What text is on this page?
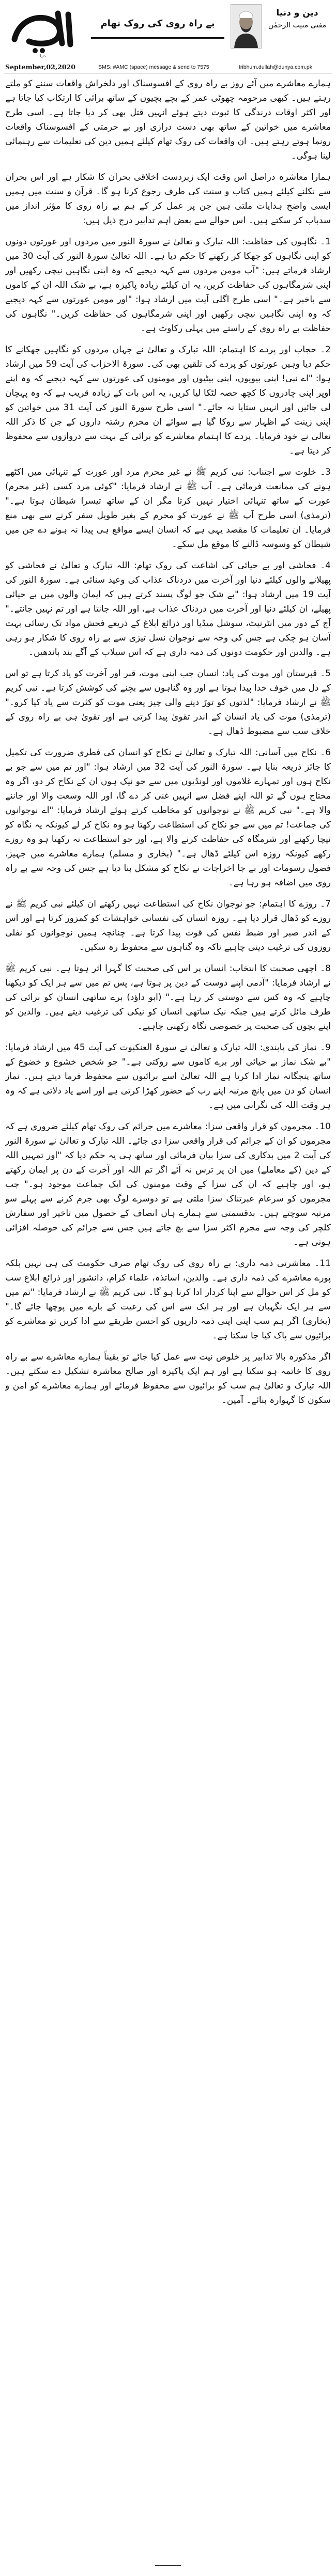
دنیا
بے راہ روی کی روک تھام
دین و دنیا
مفتی منیب الرحمٰن
September,02,2020	SMS: #AMC (space) message & send to 7575	tribhum.dullah@dunya.com.pk

ہمارے معاشرے میں آئے روز بے راہ روی کے افسوسناک اور دلخراش واقعات سننے کو ملتے رہتے ہیں۔ کبھی مرحومہ چھوٹی عمر کے بچے بچیوں کے ساتھ برائی کا ارتکاب کیا جاتا ہے اور اکثر اوقات درندگی کا ثبوت دیتے ہوئے انہیں قتل بھی کر دیا جاتا ہے۔ اسی طرح معاشرے میں خواتین کے ساتھ بھی دست درازی اور بے حرمتی کے افسوسناک واقعات رونما ہوتے رہتے ہیں۔ ان واقعات کی روک تھام کیلئے ہمیں دین کی تعلیمات سے رہنمائی لینا ہوگی۔

ہمارا معاشرہ دراصل اس وقت ایک زبردست اخلاقی بحران کا شکار ہے اور اس بحران سے نکلنے کیلئے ہمیں کتاب و سنت کی طرف رجوع کرنا ہو گا۔ قرآن و سنت میں ہمیں ایسی واضح ہدایات ملتی ہیں جن پر عمل کر کے ہم بے راہ روی کا مؤثر انداز میں سدباب کر سکتے ہیں۔ اس حوالے سے بعض اہم تدابیر درج ذیل ہیں:

1۔ نگاہوں کی حفاظت: اللہ تبارک و تعالیٰ نے سورۃ النور میں مردوں اور عورتوں دونوں کو اپنی نگاہوں کو جھکا کر رکھنے کا حکم دیا ہے۔ اللہ تعالیٰ سورۃ النور کی آیت 30 میں ارشاد فرماتے ہیں: "آپ مومن مردوں سے کہہ دیجیے کہ وہ اپنی نگاہیں نیچی رکھیں اور اپنی شرمگاہوں کی حفاظت کریں، یہ ان کیلئے زیادہ پاکیزہ ہے، بے شک اللہ ان کے کاموں سے باخبر ہے۔" اسی طرح اگلی آیت میں ارشاد ہوا: "اور مومن عورتوں سے کہہ دیجیے کہ وہ اپنی نگاہیں نیچی رکھیں اور اپنی شرمگاہوں کی حفاظت کریں۔" نگاہوں کی حفاظت بے راہ روی کے راستے میں پہلی رکاوٹ ہے۔

2۔ حجاب اور پردے کا اہتمام: اللہ تبارک و تعالیٰ نے جہاں مردوں کو نگاہیں جھکانے کا حکم دیا وہیں عورتوں کو پردے کی تلقین بھی کی۔ سورۃ الاحزاب کی آیت 59 میں ارشاد ہوا: "اے نبی! اپنی بیویوں، اپنی بیٹیوں اور مومنوں کی عورتوں سے کہہ دیجیے کہ وہ اپنے اوپر اپنی چادروں کا کچھ حصہ لٹکا لیا کریں، یہ اس بات کے زیادہ قریب ہے کہ وہ پہچان لی جائیں اور انہیں ستایا نہ جائے۔" اسی طرح سورۃ النور کی آیت 31 میں خواتین کو اپنی زینت کے اظہار سے روکا گیا ہے سوائے ان محرم رشتہ داروں کے جن کا ذکر اللہ تعالیٰ نے خود فرمایا۔ پردے کا اہتمام معاشرے کو برائی کے بہت سے دروازوں سے محفوظ کر دیتا ہے۔

3۔ خلوت سے اجتناب: نبی کریم ﷺ نے غیر محرم مرد اور عورت کے تنہائی میں اکٹھے ہونے کی ممانعت فرمائی ہے۔ آپ ﷺ نے ارشاد فرمایا: "کوئی مرد کسی (غیر محرم) عورت کے ساتھ تنہائی اختیار نہیں کرتا مگر ان کے ساتھ تیسرا شیطان ہوتا ہے۔" (ترمذی) اسی طرح آپ ﷺ نے عورت کو محرم کے بغیر طویل سفر کرنے سے بھی منع فرمایا۔ ان تعلیمات کا مقصد یہی ہے کہ انسان ایسے مواقع ہی پیدا نہ ہونے دے جن میں شیطان کو وسوسہ ڈالنے کا موقع مل سکے۔

4۔ فحاشی اور بے حیائی کی اشاعت کی روک تھام: اللہ تبارک و تعالیٰ نے فحاشی کو پھیلانے والوں کیلئے دنیا اور آخرت میں دردناک عذاب کی وعید سنائی ہے۔ سورۃ النور کی آیت 19 میں ارشاد ہوا: "بے شک جو لوگ پسند کرتے ہیں کہ ایمان والوں میں بے حیائی پھیلے، ان کیلئے دنیا اور آخرت میں دردناک عذاب ہے، اور اللہ جانتا ہے اور تم نہیں جانتے۔" آج کے دور میں انٹرنیٹ، سوشل میڈیا اور ذرائع ابلاغ کے ذریعے فحش مواد تک رسائی بہت آسان ہو چکی ہے جس کی وجہ سے نوجوان نسل تیزی سے بے راہ روی کا شکار ہو رہی ہے۔ والدین اور حکومت دونوں کی ذمہ داری ہے کہ اس سیلاب کے آگے بند باندھیں۔

5۔ قبرستان اور موت کی یاد: انسان جب اپنی موت، قبر اور آخرت کو یاد کرتا ہے تو اس کے دل میں خوف خدا پیدا ہوتا ہے اور وہ گناہوں سے بچنے کی کوشش کرتا ہے۔ نبی کریم ﷺ نے ارشاد فرمایا: "لذتوں کو توڑ دینے والی چیز یعنی موت کو کثرت سے یاد کیا کرو۔" (ترمذی) موت کی یاد انسان کے اندر تقویٰ پیدا کرتی ہے اور تقویٰ ہی بے راہ روی کے خلاف سب سے مضبوط ڈھال ہے۔

6۔ نکاح میں آسانی: اللہ تبارک و تعالیٰ نے نکاح کو انسان کی فطری ضرورت کی تکمیل کا جائز ذریعہ بنایا ہے۔ سورۃ النور کی آیت 32 میں ارشاد ہوا: "اور تم میں سے جو بے نکاح ہوں اور تمہارے غلاموں اور لونڈیوں میں سے جو نیک ہوں ان کے نکاح کر دو، اگر وہ محتاج ہوں گے تو اللہ اپنے فضل سے انہیں غنی کر دے گا، اور اللہ وسعت والا اور جاننے والا ہے۔" نبی کریم ﷺ نے نوجوانوں کو مخاطب کرتے ہوئے ارشاد فرمایا: "اے نوجوانوں کی جماعت! تم میں سے جو نکاح کی استطاعت رکھتا ہو وہ نکاح کر لے کیونکہ یہ نگاہ کو نیچا رکھنے اور شرمگاہ کی حفاظت کرنے والا ہے، اور جو استطاعت نہ رکھتا ہو وہ روزے رکھے کیونکہ روزہ اس کیلئے ڈھال ہے۔" (بخاری و مسلم) ہمارے معاشرے میں جہیز، فضول رسومات اور بے جا اخراجات نے نکاح کو مشکل بنا دیا ہے جس کی وجہ سے بے راہ روی میں اضافہ ہو رہا ہے۔

7۔ روزے کا اہتمام: جو نوجوان نکاح کی استطاعت نہیں رکھتے ان کیلئے نبی کریم ﷺ نے روزے کو ڈھال قرار دیا ہے۔ روزہ انسان کی نفسانی خواہشات کو کمزور کرتا ہے اور اس کے اندر صبر اور ضبط نفس کی قوت پیدا کرتا ہے۔ چنانچہ ہمیں نوجوانوں کو نفلی روزوں کی ترغیب دینی چاہیے تاکہ وہ گناہوں سے محفوظ رہ سکیں۔

8۔ اچھی صحبت کا انتخاب: انسان پر اس کی صحبت کا گہرا اثر ہوتا ہے۔ نبی کریم ﷺ نے ارشاد فرمایا: "آدمی اپنے دوست کے دین پر ہوتا ہے، پس تم میں سے ہر ایک کو دیکھنا چاہیے کہ وہ کس سے دوستی کر رہا ہے۔" (ابو داؤد) برے ساتھی انسان کو برائی کی طرف مائل کرتے ہیں جبکہ نیک ساتھی انسان کو نیکی کی ترغیب دیتے ہیں۔ والدین کو اپنے بچوں کی صحبت پر خصوصی نگاہ رکھنی چاہیے۔

9۔ نماز کی پابندی: اللہ تبارک و تعالیٰ نے سورۃ العنکبوت کی آیت 45 میں ارشاد فرمایا: "بے شک نماز بے حیائی اور برے کاموں سے روکتی ہے۔" جو شخص خشوع و خضوع کے ساتھ پنجگانہ نماز ادا کرتا ہے اللہ تعالیٰ اسے برائیوں سے محفوظ فرما دیتے ہیں۔ نماز انسان کو دن میں پانچ مرتبہ اپنے رب کے حضور کھڑا کرتی ہے اور اسے یاد دلاتی ہے کہ وہ ہر وقت اللہ کی نگرانی میں ہے۔

10۔ مجرموں کو قرار واقعی سزا: معاشرے میں جرائم کی روک تھام کیلئے ضروری ہے کہ مجرموں کو ان کے جرائم کی قرار واقعی سزا دی جائے۔ اللہ تبارک و تعالیٰ نے سورۃ النور کی آیت 2 میں بدکاری کی سزا بیان فرمائی اور ساتھ ہی یہ حکم دیا کہ "اور تمہیں اللہ کے دین (کے معاملے) میں ان پر ترس نہ آئے اگر تم اللہ اور آخرت کے دن پر ایمان رکھتے ہو، اور چاہیے کہ ان کی سزا کے وقت مومنوں کی ایک جماعت موجود ہو۔" جب مجرموں کو سرعام عبرتناک سزا ملتی ہے تو دوسرے لوگ بھی جرم کرنے سے پہلے سو مرتبہ سوچتے ہیں۔ بدقسمتی سے ہمارے ہاں انصاف کے حصول میں تاخیر اور سفارش کلچر کی وجہ سے مجرم اکثر سزا سے بچ جاتے ہیں جس سے جرائم کی حوصلہ افزائی ہوتی ہے۔

11۔ معاشرتی ذمہ داری: بے راہ روی کی روک تھام صرف حکومت کی ہی نہیں بلکہ پورے معاشرے کی ذمہ داری ہے۔ والدین، اساتذہ، علماء کرام، دانشور اور ذرائع ابلاغ سب کو مل کر اس حوالے سے اپنا کردار ادا کرنا ہو گا۔ نبی کریم ﷺ نے ارشاد فرمایا: "تم میں سے ہر ایک نگہبان ہے اور ہر ایک سے اس کی رعیت کے بارے میں پوچھا جائے گا۔" (بخاری) اگر ہم سب اپنی اپنی ذمہ داریوں کو احسن طریقے سے ادا کریں تو معاشرے کو برائیوں سے پاک کیا جا سکتا ہے۔

اگر مذکورہ بالا تدابیر پر خلوص نیت سے عمل کیا جائے تو یقیناً ہمارے معاشرے سے بے راہ روی کا خاتمہ ہو سکتا ہے اور ہم ایک پاکیزہ اور صالح معاشرہ تشکیل دے سکتے ہیں۔ اللہ تبارک و تعالیٰ ہم سب کو برائیوں سے محفوظ فرمائے اور ہمارے معاشرے کو امن و سکون کا گہوارہ بنائے۔ آمین۔
